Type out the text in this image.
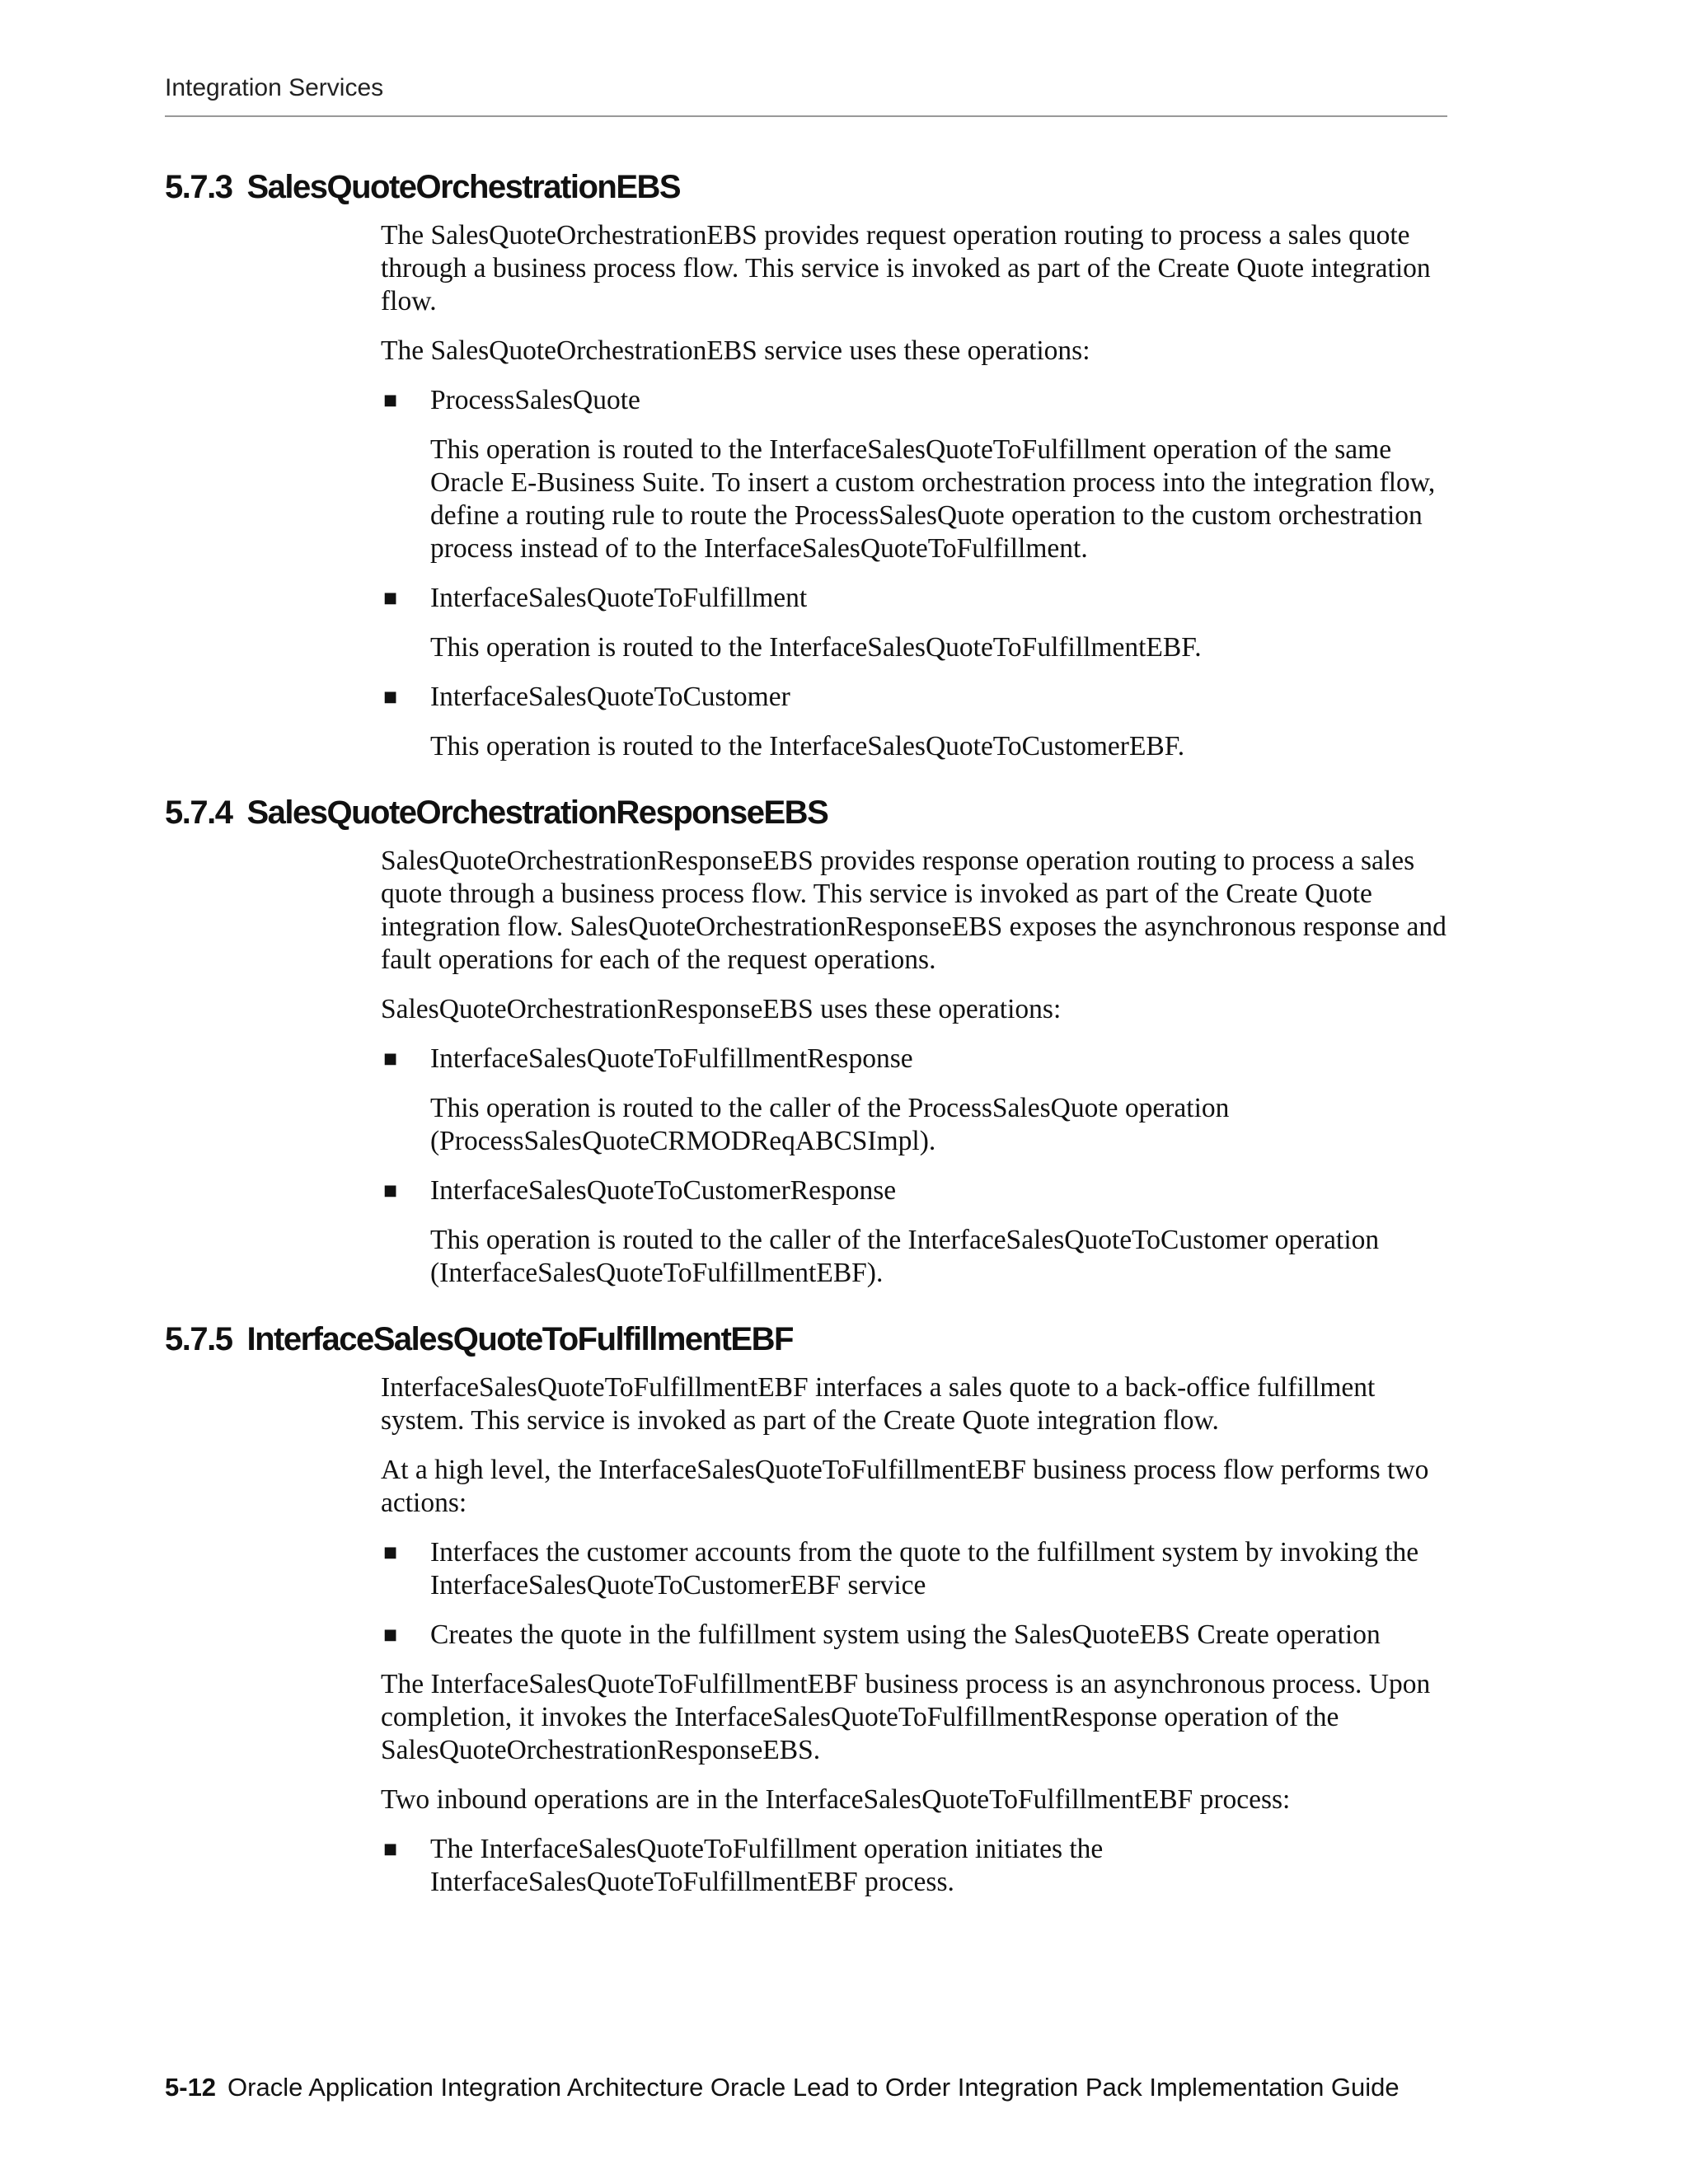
Integration Services
5.7.3 SalesQuoteOrchestrationEBS

The SalesQuoteOrchestrationEBS provides request operation routing to process a sales quote through a business process flow. This service is invoked as part of the Create Quote integration flow.

The SalesQuoteOrchestrationEBS service uses these operations:

■ ProcessSalesQuote

This operation is routed to the InterfaceSalesQuoteToFulfillment operation of the same Oracle E-Business Suite. To insert a custom orchestration process into the integration flow, define a routing rule to route the ProcessSalesQuote operation to the custom orchestration process instead of to the InterfaceSalesQuoteToFulfillment.

■ InterfaceSalesQuoteToFulfillment

This operation is routed to the InterfaceSalesQuoteToFulfillmentEBF.

■ InterfaceSalesQuoteToCustomer

This operation is routed to the InterfaceSalesQuoteToCustomerEBF.

5.7.4 SalesQuoteOrchestrationResponseEBS

SalesQuoteOrchestrationResponseEBS provides response operation routing to process a sales quote through a business process flow. This service is invoked as part of the Create Quote integration flow. SalesQuoteOrchestrationResponseEBS exposes the asynchronous response and fault operations for each of the request operations.

SalesQuoteOrchestrationResponseEBS uses these operations:

■ InterfaceSalesQuoteToFulfillmentResponse

This operation is routed to the caller of the ProcessSalesQuote operation (ProcessSalesQuoteCRMODReqABCSImpl).

■ InterfaceSalesQuoteToCustomerResponse

This operation is routed to the caller of the InterfaceSalesQuoteToCustomer operation (InterfaceSalesQuoteToFulfillmentEBF).

5.7.5 InterfaceSalesQuoteToFulfillmentEBF

InterfaceSalesQuoteToFulfillmentEBF interfaces a sales quote to a back-office fulfillment system. This service is invoked as part of the Create Quote integration flow.

At a high level, the InterfaceSalesQuoteToFulfillmentEBF business process flow performs two actions:

■ Interfaces the customer accounts from the quote to the fulfillment system by invoking the InterfaceSalesQuoteToCustomerEBF service

■ Creates the quote in the fulfillment system using the SalesQuoteEBS Create operation

The InterfaceSalesQuoteToFulfillmentEBF business process is an asynchronous process. Upon completion, it invokes the InterfaceSalesQuoteToFulfillmentResponse operation of the SalesQuoteOrchestrationResponseEBS.

Two inbound operations are in the InterfaceSalesQuoteToFulfillmentEBF process:

■ The InterfaceSalesQuoteToFulfillment operation initiates the InterfaceSalesQuoteToFulfillmentEBF process.

5-12 Oracle Application Integration Architecture Oracle Lead to Order Integration Pack Implementation Guide
